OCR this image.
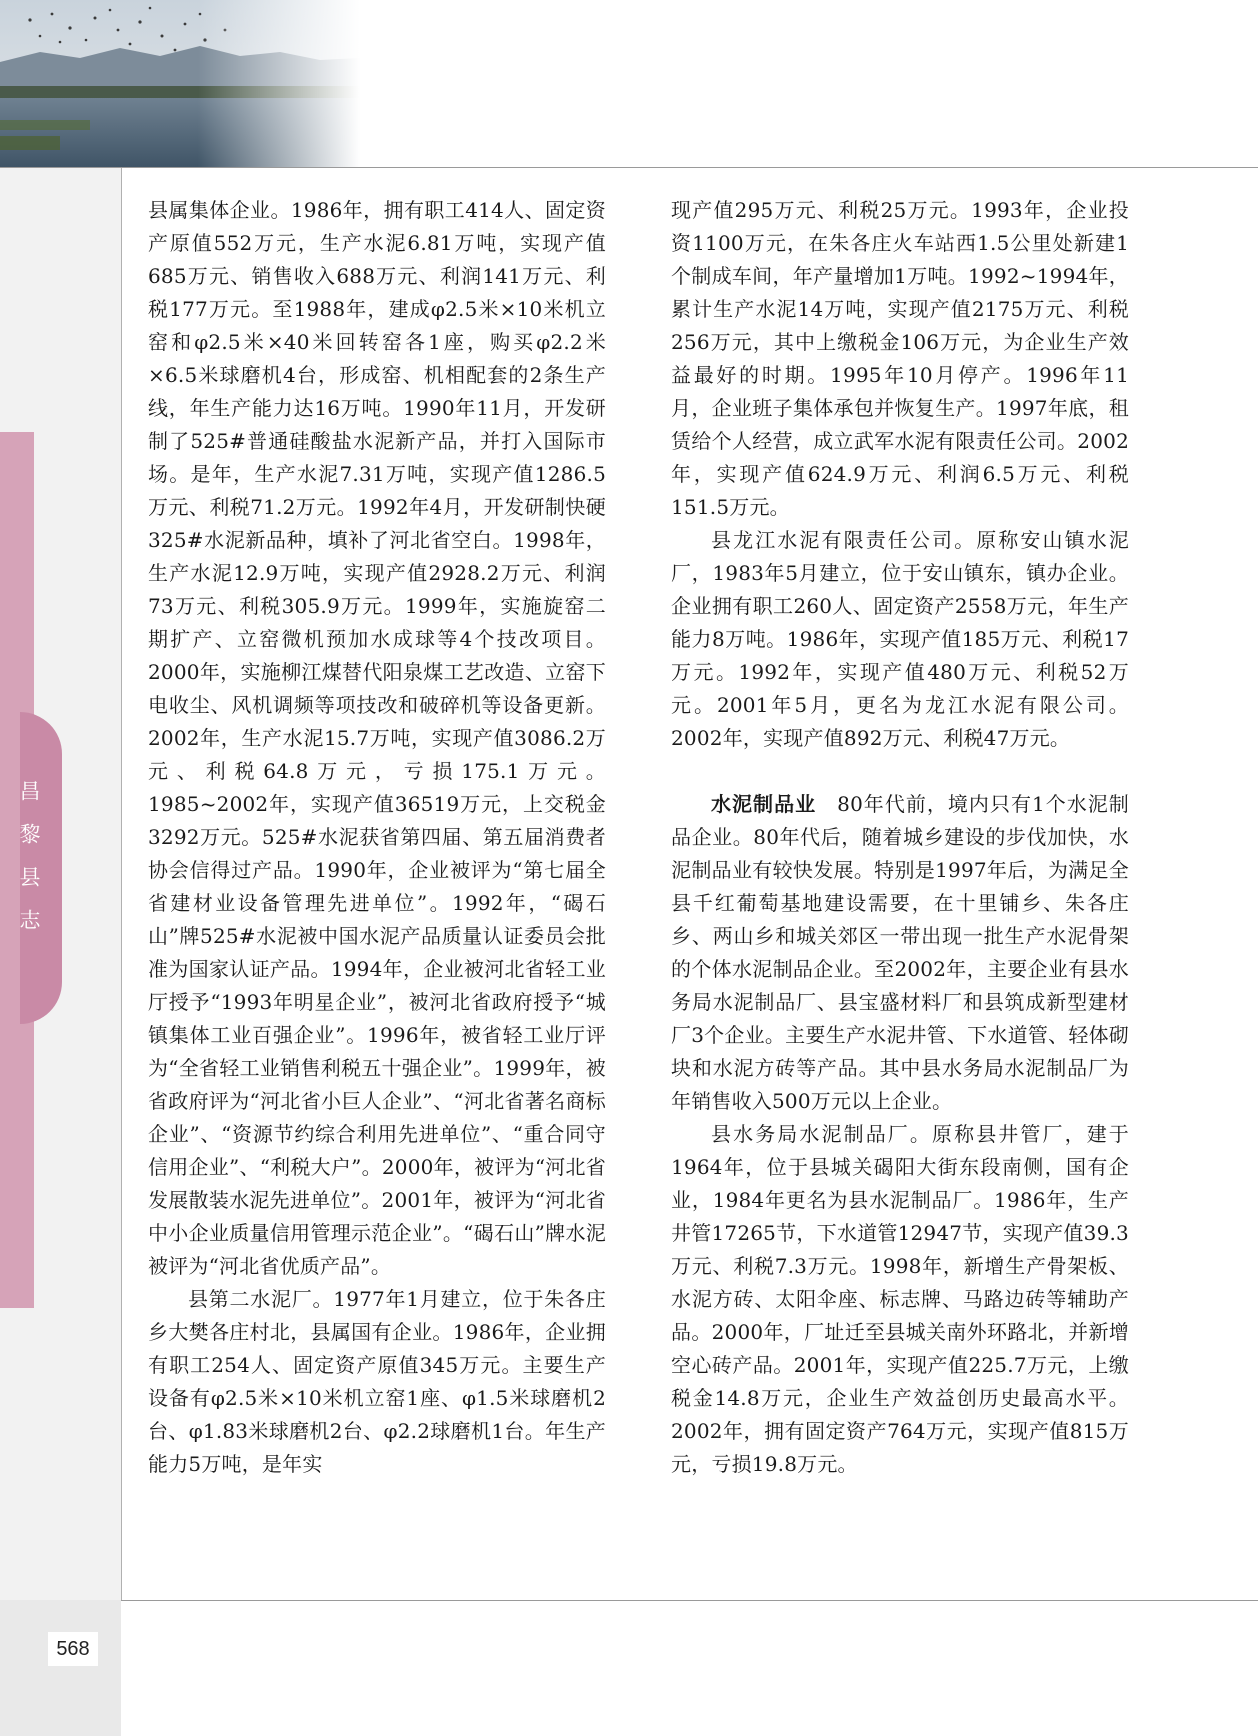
昌黎县志

县属集体企业。1986年，拥有职工414人、固定资产原值552万元，生产水泥6.81万吨，实现产值685万元、销售收入688万元、利润141万元、利税177万元。至1988年，建成φ2.5米×10米机立窑和φ2.5米×40米回转窑各1座，购买φ2.2米×6.5米球磨机4台，形成窑、机相配套的2条生产线，年生产能力达16万吨。1990年11月，开发研制了525#普通硅酸盐水泥新产品，并打入国际市场。是年，生产水泥7.31万吨，实现产值1286.5万元、利税71.2万元。1992年4月，开发研制快硬325#水泥新品种，填补了河北省空白。1998年，生产水泥12.9万吨，实现产值2928.2万元、利润73万元、利税305.9万元。1999年，实施旋窑二期扩产、立窑微机预加水成球等4个技改项目。2000年，实施柳江煤替代阳泉煤工艺改造、立窑下电收尘、风机调频等项技改和破碎机等设备更新。2002年，生产水泥15.7万吨，实现产值3086.2万元、利税64.8万元，亏损175.1万元。1985~2002年，实现产值36519万元，上交税金3292万元。525#水泥获省第四届、第五届消费者协会信得过产品。1990年，企业被评为“第七届全省建材业设备管理先进单位”。1992年，“碣石山”牌525#水泥被中国水泥产品质量认证委员会批准为国家认证产品。1994年，企业被河北省轻工业厅授予“1993年明星企业”，被河北省政府授予“城镇集体工业百强企业”。1996年，被省轻工业厅评为“全省轻工业销售利税五十强企业”。1999年，被省政府评为“河北省小巨人企业”、“河北省著名商标企业”、“资源节约综合利用先进单位”、“重合同守信用企业”、“利税大户”。2000年，被评为“河北省发展散装水泥先进单位”。2001年，被评为“河北省中小企业质量信用管理示范企业”。“碣石山”牌水泥被评为“河北省优质产品”。

县第二水泥厂。1977年1月建立，位于朱各庄乡大樊各庄村北，县属国有企业。1986年，企业拥有职工254人、固定资产原值345万元。主要生产设备有φ2.5米×10米机立窑1座、φ1.5米球磨机2台、φ1.83米球磨机2台、φ2.2球磨机1台。年生产能力5万吨，是年实

现产值295万元、利税25万元。1993年，企业投资1100万元，在朱各庄火车站西1.5公里处新建1个制成车间，年产量增加1万吨。1992~1994年，累计生产水泥14万吨，实现产值2175万元、利税256万元，其中上缴税金106万元，为企业生产效益最好的时期。1995年10月停产。1996年11月，企业班子集体承包并恢复生产。1997年底，租赁给个人经营，成立武军水泥有限责任公司。2002年，实现产值624.9万元、利润6.5万元、利税151.5万元。

县龙江水泥有限责任公司。原称安山镇水泥厂，1983年5月建立，位于安山镇东，镇办企业。企业拥有职工260人、固定资产2558万元，年生产能力8万吨。1986年，实现产值185万元、利税17万元。1992年，实现产值480万元、利税52万元。2001年5月，更名为龙江水泥有限公司。2002年，实现产值892万元、利税47万元。

水泥制品业　 80年代前，境内只有1个水泥制品企业。80年代后，随着城乡建设的步伐加快，水泥制品业有较快发展。特别是1997年后，为满足全县千红葡萄基地建设需要，在十里铺乡、朱各庄乡、两山乡和城关郊区一带出现一批生产水泥骨架的个体水泥制品企业。至2002年，主要企业有县水务局水泥制品厂、县宝盛材料厂和县筑成新型建材厂3个企业。主要生产水泥井管、下水道管、轻体砌块和水泥方砖等产品。其中县水务局水泥制品厂为年销售收入500万元以上企业。

县水务局水泥制品厂。原称县井管厂，建于1964年，位于县城关碣阳大街东段南侧，国有企业，1984年更名为县水泥制品厂。1986年，生产井管17265节，下水道管12947节，实现产值39.3万元、利税7.3万元。1998年，新增生产骨架板、水泥方砖、太阳伞座、标志牌、马路边砖等辅助产品。2000年，厂址迁至县城关南外环路北，并新增空心砖产品。2001年，实现产值225.7万元，上缴税金14.8万元，企业生产效益创历史最高水平。2002年，拥有固定资产764万元，实现产值815万元，亏损19.8万元。

568
